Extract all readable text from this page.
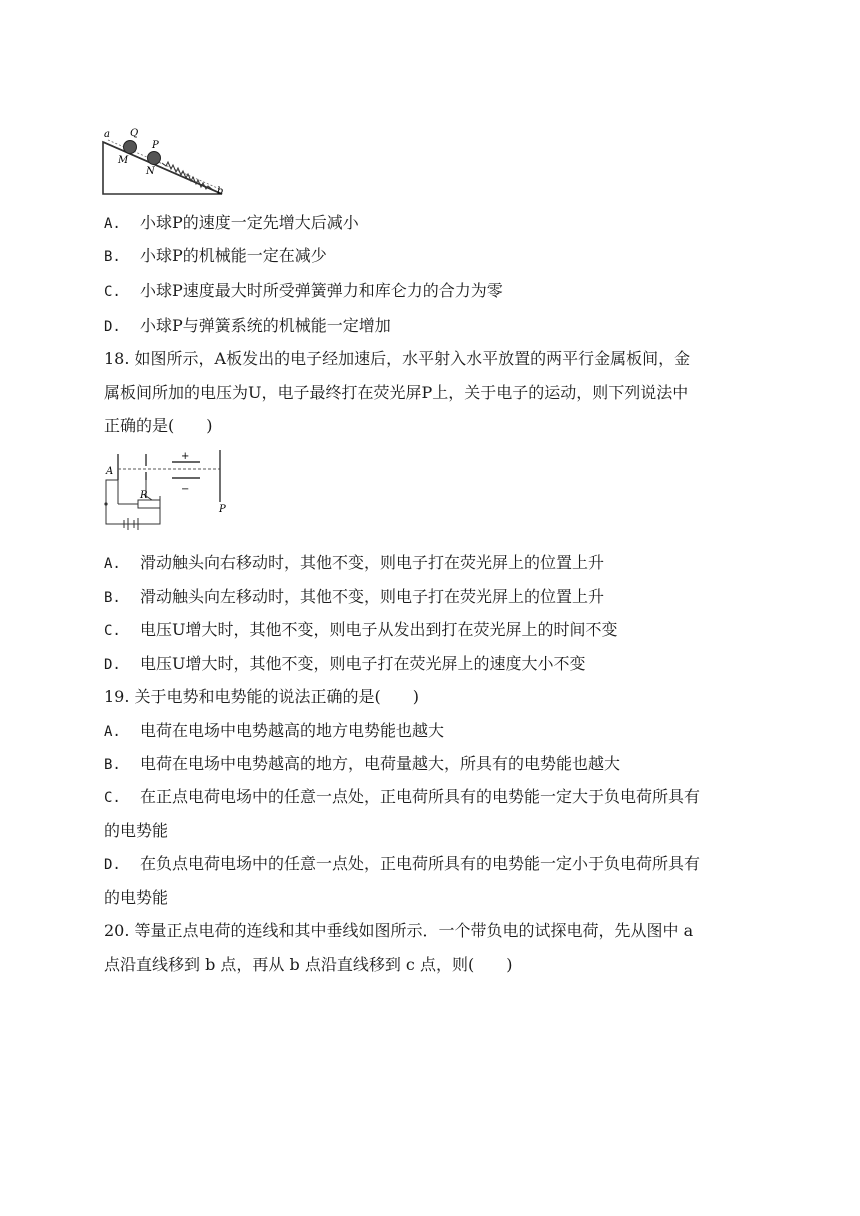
a Q
P
M
N
b
A. 小球P的速度一定先增大后减小
B. 小球P的机械能一定在减少
C. 小球P速度最大时所受弹簧弹力和库仑力的合力为零
D. 小球P与弹簧系统的机械能一定增加
18. 如图所示，A板发出的电子经加速后，水平射入水平放置的两平行金属板间，金
属板间所加的电压为U，电子最终打在荧光屏P上，关于电子的运动，则下列说法中
正确的是(　　)
+
−
P
A
R
A. 滑动触头向右移动时，其他不变，则电子打在荧光屏上的位置上升
B. 滑动触头向左移动时，其他不变，则电子打在荧光屏上的位置上升
C. 电压U增大时，其他不变，则电子从发出到打在荧光屏上的时间不变
D. 电压U增大时，其他不变，则电子打在荧光屏上的速度大小不变
19. 关于电势和电势能的说法正确的是(　　)
A. 电荷在电场中电势越高的地方电势能也越大
B. 电荷在电场中电势越高的地方，电荷量越大，所具有的电势能也越大
C. 在正点电荷电场中的任意一点处，正电荷所具有的电势能一定大于负电荷所具有
的电势能
D. 在负点电荷电场中的任意一点处，正电荷所具有的电势能一定小于负电荷所具有
的电势能
20. 等量正点电荷的连线和其中垂线如图所示．一个带负电的试探电荷，先从图中 a
点沿直线移到 b 点，再从 b 点沿直线移到 c 点，则(　　)
